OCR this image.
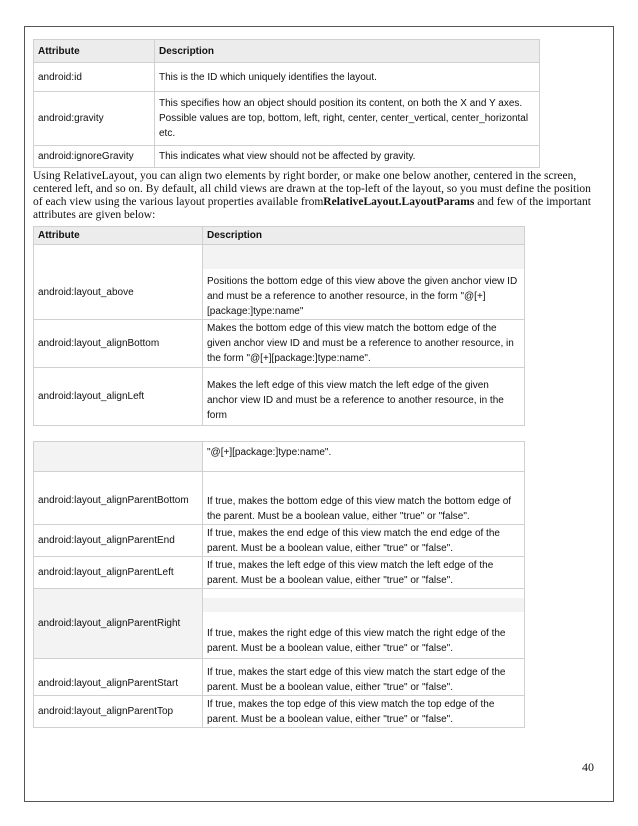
Attribute	Description
android:id	This is the ID which uniquely identifies the layout.
android:gravity	This specifies how an object should position its content, on both the X and Y axes. Possible values are top, bottom, left, right, center, center_vertical, center_horizontal etc.
android:ignoreGravity	This indicates what view should not be affected by gravity.

Using RelativeLayout, you can align two elements by right border, or make one below another, centered in the screen, centered left, and so on. By default, all child views are drawn at the top-left of the layout, so you must define the position of each view using the various layout properties available fromRelativeLayout.LayoutParams and few of the important attributes are given below:

Attribute	Description
android:layout_above	Positions the bottom edge of this view above the given anchor view ID and must be a reference to another resource, in the form "@[+][package:]type:name"

android:layout_alignBottom	Makes the bottom edge of this view match the bottom edge of the given anchor view ID and must be a reference to another resource, in the form "@[+][package:]type:name".
android:layout_alignLeft	Makes the left edge of this view match the left edge of the given anchor view ID and must be a reference to another resource, in the form
	"@[+][package:]type:name".
android:layout_alignParentBottom	If true, makes the bottom edge of this view match the bottom edge of the parent. Must be a boolean value, either "true" or "false".
android:layout_alignParentEnd	If true, makes the end edge of this view match the end edge of the parent. Must be a boolean value, either "true" or "false".
android:layout_alignParentLeft	If true, makes the left edge of this view match the left edge of the parent. Must be a boolean value, either "true" or "false".
android:layout_alignParentRight	If true, makes the right edge of this view match the right edge of the parent. Must be a boolean value, either "true" or "false".

android:layout_alignParentStart	If true, makes the start edge of this view match the start edge of the parent. Must be a boolean value, either "true" or "false".
android:layout_alignParentTop	If true, makes the top edge of this view match the top edge of the parent. Must be a boolean value, either "true" or "false".
40
